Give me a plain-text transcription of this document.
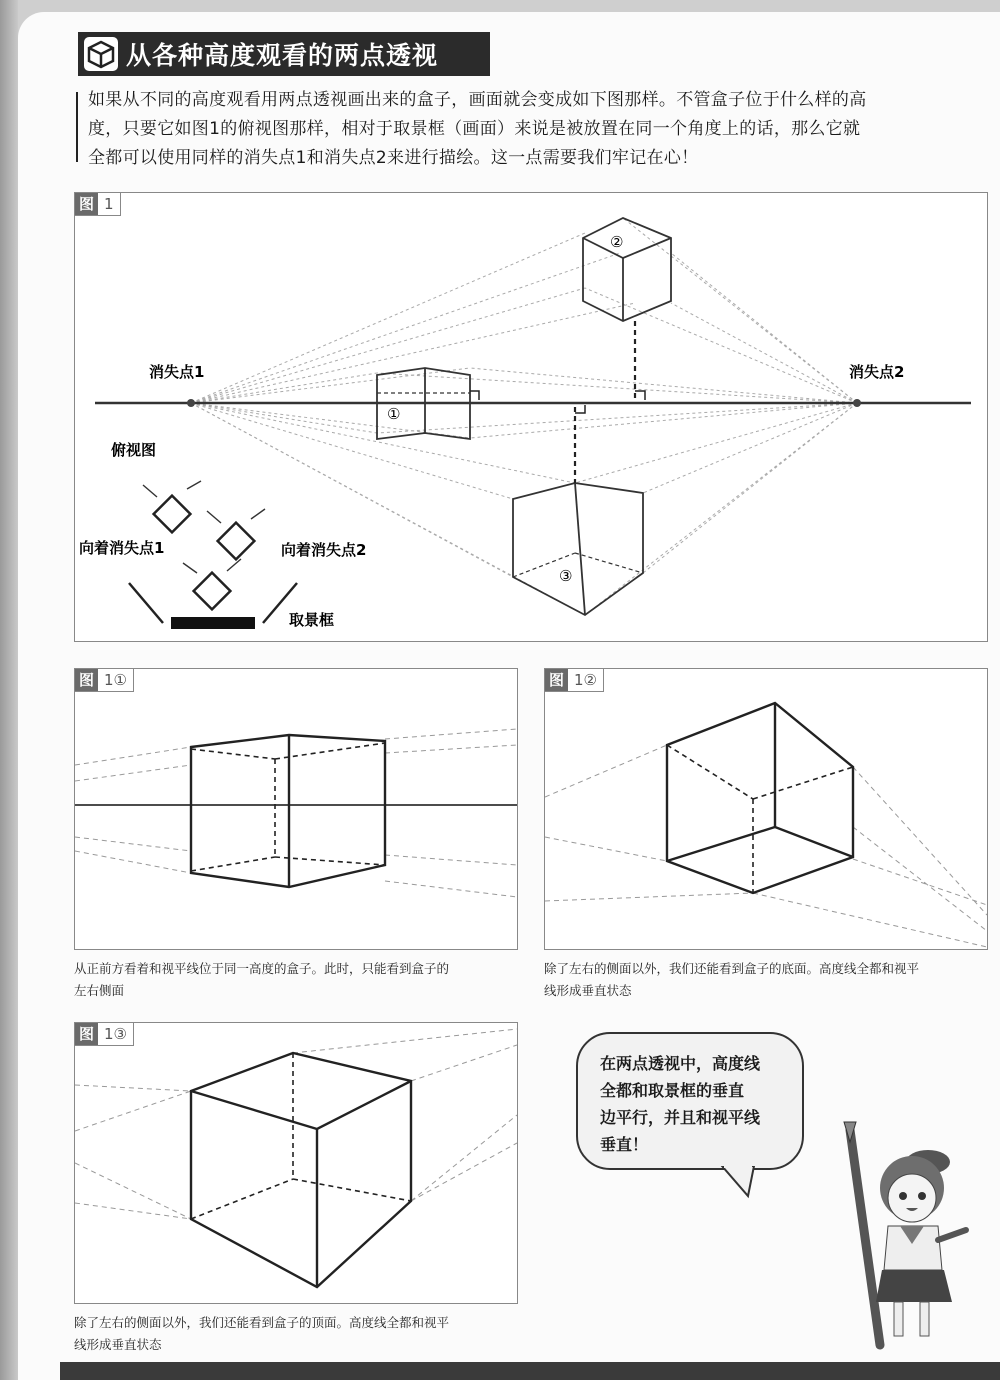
从各种高度观看的两点透视
如果从不同的高度观看用两点透视画出来的盒子，画面就会变成如下图那样。不管盒子位于什么样的高
度，只要它如图1的俯视图那样，相对于取景框（画面）来说是被放置在同一个角度上的话，那么它就
全都可以使用同样的消失点1和消失点2来进行描绘。这一点需要我们牢记在心！
图 1
①
②
③
消失点1	消失点2
俯视图
向着消失点1	向着消失点2
取景框
图 1①
从正前方看着和视平线位于同一高度的盒子。此时，只能看到盒子的
左右侧面
图 1②
除了左右的侧面以外，我们还能看到盒子的底面。高度线全都和视平
线形成垂直状态
图 1③
除了左右的侧面以外，我们还能看到盒子的顶面。高度线全都和视平
线形成垂直状态
在两点透视中，高度线
全都和取景框的垂直
边平行，并且和视平线
垂直！
